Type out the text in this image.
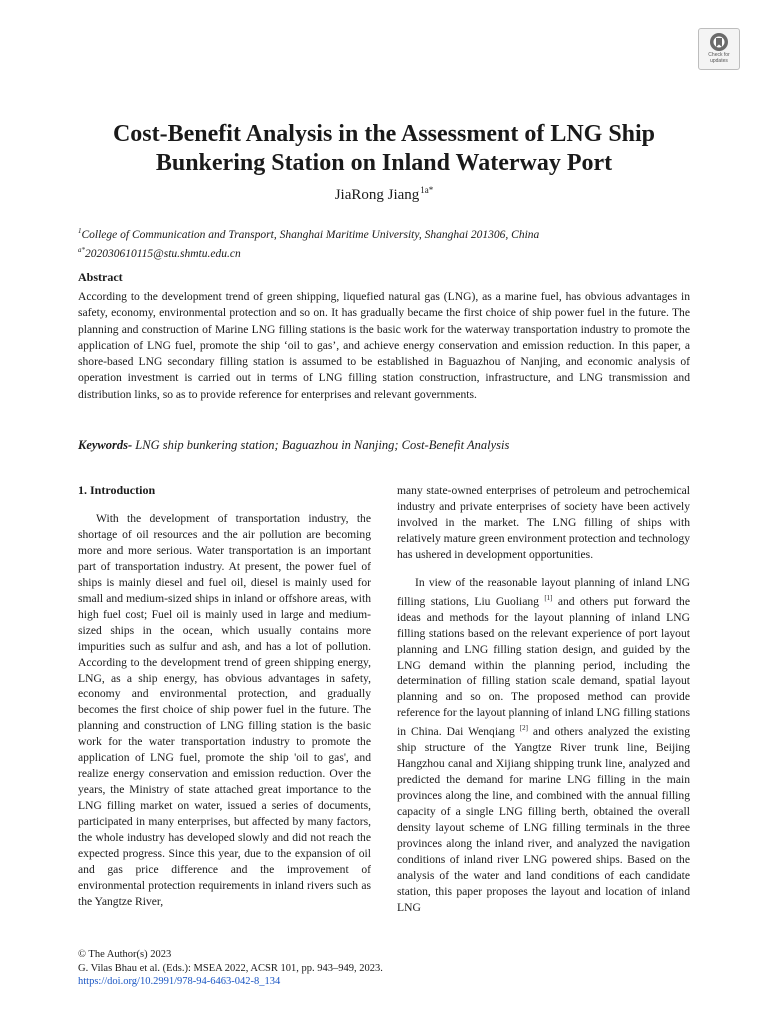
Check for
updates
Cost-Benefit Analysis in the Assessment of LNG Ship
Bunkering Station on Inland Waterway Port
JiaRong Jiang$^{1a*}$
$^1$College of Communication and Transport, Shanghai Maritime University, Shanghai 201306, China
$^{a*}$202030610115@stu.shmtu.edu.cn
Abstract

According to the development trend of green shipping, liquefied natural gas (LNG), as a marine fuel, has obvious advantages in safety, economy, environmental protection and so on. It has gradually became the first choice of ship power fuel in the future. The planning and construction of Marine LNG filling stations is the basic work for the waterway transportation industry to promote the application of LNG fuel, promote the ship ‘oil to gas’, and achieve energy conservation and emission reduction. In this paper, a shore-based LNG secondary filling station is assumed to be established in Baguazhou of Nanjing, and economic analysis of operation investment is carried out in terms of LNG filling station construction, infrastructure, and LNG transmission and distribution links, so as to provide reference for enterprises and relevant governments.

Keywords- LNG ship bunkering station; Baguazhou in Nanjing; Cost-Benefit Analysis
1. Introduction

With the development of transportation industry, the shortage of oil resources and the air pollution are becoming more and more serious. Water transportation is an important part of transportation industry. At present, the power fuel of ships is mainly diesel and fuel oil, diesel is mainly used for small and medium-sized ships in inland or offshore areas, with high fuel cost; Fuel oil is mainly used in large and medium-sized ships in the ocean, which usually contains more impurities such as sulfur and ash, and has a lot of pollution. According to the development trend of green shipping energy, LNG, as a ship energy, has obvious advantages in safety, economy and environmental protection, and gradually becomes the first choice of ship power fuel in the future. The planning and construction of LNG filling station is the basic work for the water transportation industry to promote the application of LNG fuel, promote the ship 'oil to gas', and realize energy conservation and emission reduction. Over the years, the Ministry of state attached great importance to the LNG filling market on water, issued a series of documents, participated in many enterprises, but affected by many factors, the whole industry has developed slowly and did not reach the expected progress. Since this year, due to the expansion of oil and gas price difference and the improvement of environmental protection requirements in inland rivers such as the Yangtze River,

many state-owned enterprises of petroleum and petrochemical industry and private enterprises of society have been actively involved in the market. The LNG filling of ships with relatively mature green environment protection and technology has ushered in development opportunities.

In view of the reasonable layout planning of inland LNG filling stations, Liu Guoliang [1] and others put forward the ideas and methods for the layout planning of inland LNG filling stations based on the relevant experience of port layout planning and LNG filling station design, and guided by the LNG demand within the planning period, including the determination of filling station scale demand, spatial layout planning and so on. The proposed method can provide reference for the layout planning of inland LNG filling stations in China. Dai Wenqiang [2] and others analyzed the existing ship structure of the Yangtze River trunk line, Beijing Hangzhou canal and Xijiang shipping trunk line, analyzed and predicted the demand for marine LNG filling in the main provinces along the line, and combined with the annual filling capacity of a single LNG filling berth, obtained the overall density layout scheme of LNG filling terminals in the three provinces along the inland river, and analyzed the navigation conditions of inland river LNG powered ships. Based on the analysis of the water and land conditions of each candidate station, this paper proposes the layout and location of inland LNG

© The Author(s) 2023
G. Vilas Bhau et al. (Eds.): MSEA 2022, ACSR 101, pp. 943–949, 2023.
https://doi.org/10.2991/978-94-6463-042-8_134
